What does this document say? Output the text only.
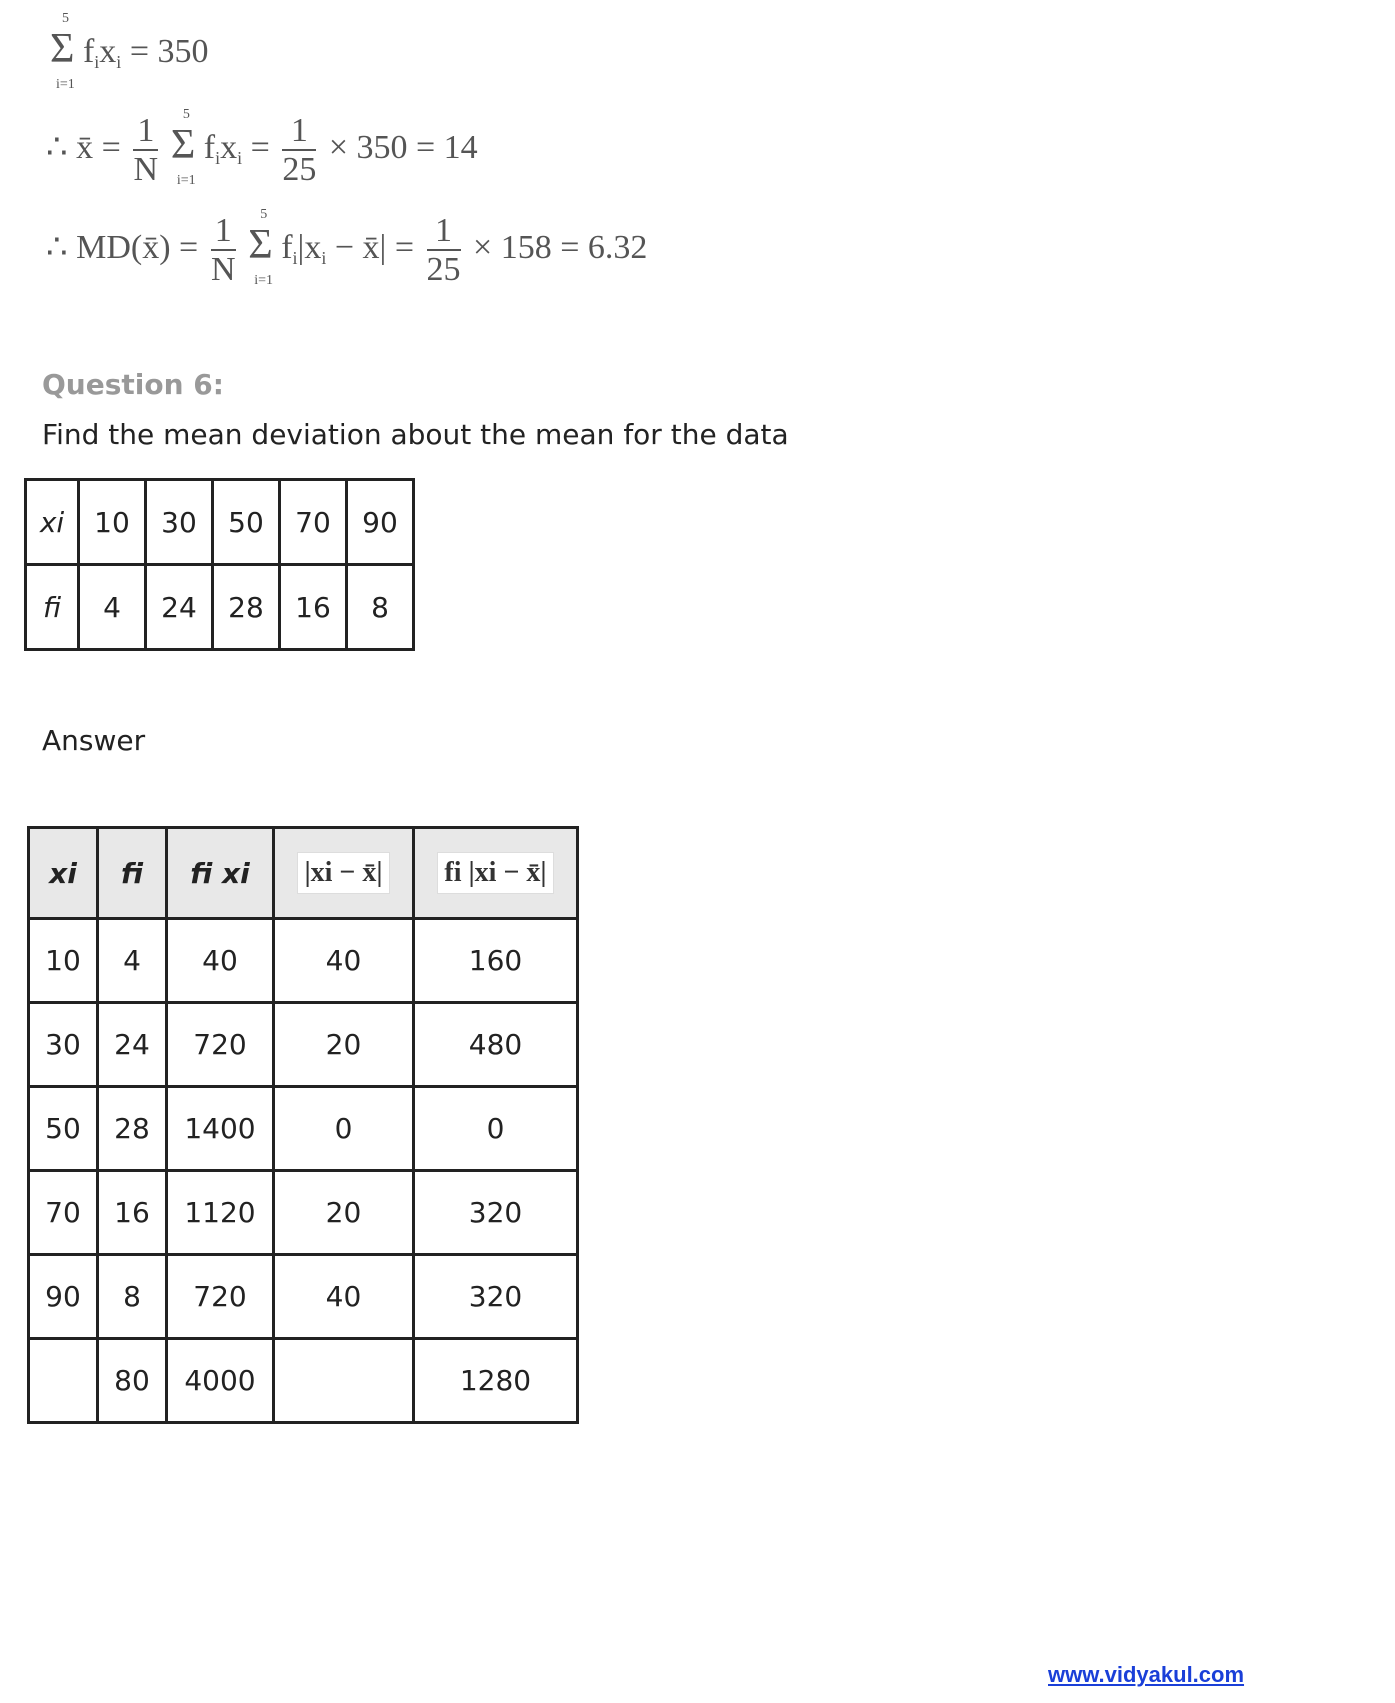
Σ
5
i=1
fixi = 350
∴ x̄ = $\frac{1}{N}$ Σ
5
i=1
fixi = $\frac{1}{25} \times 350 = 14$
∴ MD(x̄) = $\frac{1}{N}$ Σ
5
i=1
fi|xi − x̄| = $\frac{1}{25} \times 158 = 6.32$
Question 6:
Find the mean deviation about the mean for the data
xi	10	30	50	70	90
fi	4	24	28	16	8
Answer
xi	fi	fi xi	|xi − x̄|	fi |xi − x̄|
10	4	40	40	160
30	24	720	20	480
50	28	1400	0	0
70	16	1120	20	320
90	8	720	40	320
	80	4000		1280
www.vidyakul.com
